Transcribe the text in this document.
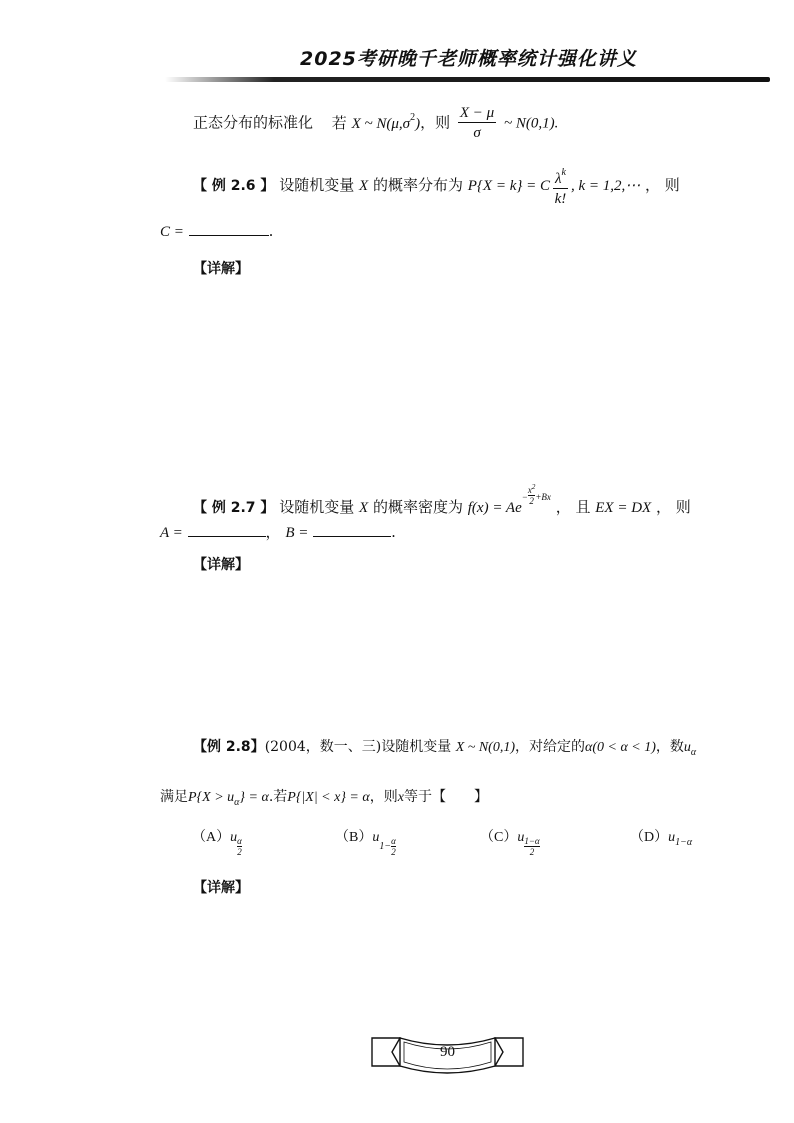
2025考研晚千老师概率统计强化讲义
正态分布的标准化 若 X ~ $N(\mu,\sigma^2)$，则 $\frac{X - \mu}{\sigma}$ ~ N(0,1).
【 例 2.6 】 设随机变量 X 的概率分布为 P{X = k} = C $\frac{\lambda^k}{k!}$ , k = 1,2,⋯ ， 则
C =	.
【详解】
【 例 2.7 】 设随机变量 X 的概率密度为 $f(x) = Ae- \frac{x^2}{2} +Bx$ ， 且 EX = DX ， 则
A =	， B =	.
【详解】
【例 2.8】(2004，数一、三)设随机变量 X ~ N(0,1)，对给定的α(0 < α < 1)，数$u_\alpha$
满足$P\{X > u_\alpha\} = \alpha$.若P{|X| < x} = α，则x等于【　　】
$(A)u \frac{\alpha}{2}$	$(B)u_{1-} \frac{\alpha}{2}$	$(C)u \frac{1-\alpha}{2}$	$(D)u_{1-\alpha}$
【详解】
90
